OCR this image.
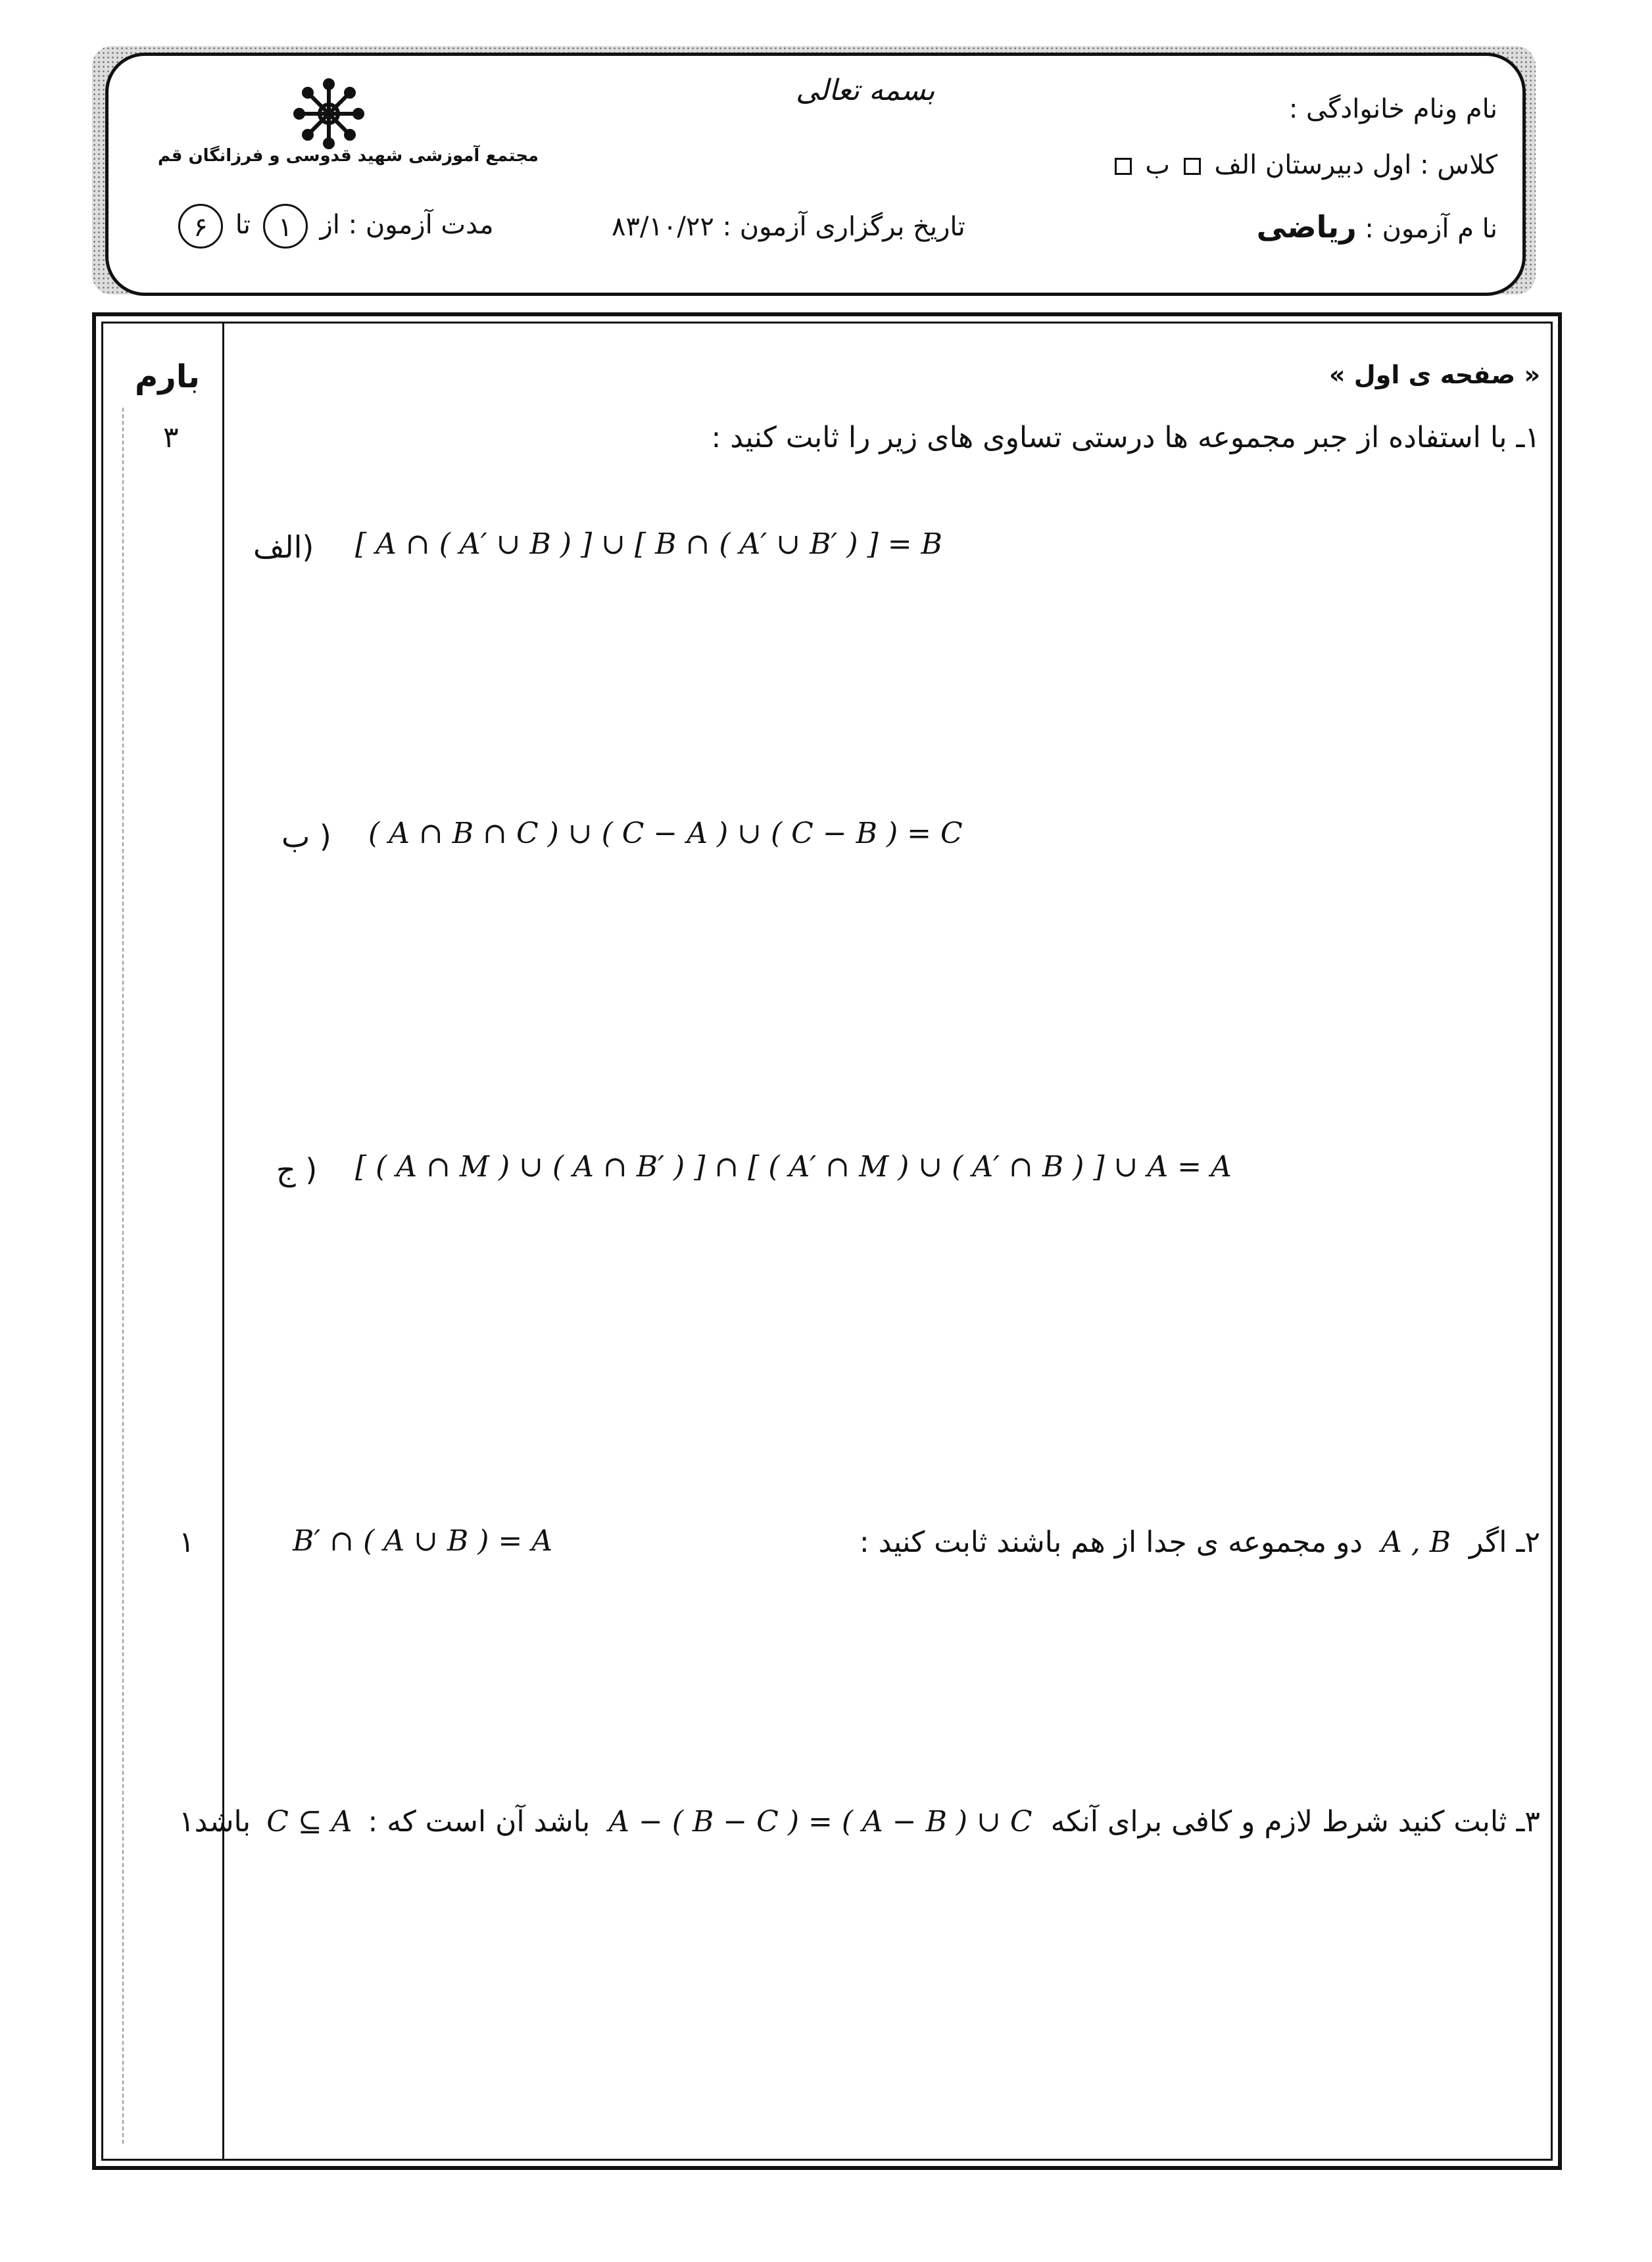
بسمه تعالی
مجتمع آموزشی شهید قدوسی و فرزانگان قم
نام ونام خانوادگی :
کلاس : اول دبیرستان الف  ب
نا م آزمون : ریاضی
تاریخ برگزاری آزمون : ۸۳/۱۰/۲۲
مدت آزمون : از ۱ تا ۶
بارم	« صفحه ی اول »
۱ـ با استفاده از جبر مجموعه ها درستی تساوی های زیر را ثابت کنید :
۳
(الف [ A ∩ ( A′ ∪ B ) ] ∪ [ B ∩ ( A′ ∪ B′ ) ] = B
( ب ( A ∩ B ∩ C ) ∪ ( C − A ) ∪ ( C − B ) = C
( ج [ ( A ∩ M ) ∪ ( A ∩ B′ ) ] ∩ [ ( A′ ∩ M ) ∪ ( A′ ∩ B ) ] ∪ A = A
۲ـ اگر A , B دو مجموعه ی جدا از هم باشند ثابت کنید :
B′ ∩ ( A ∪ B ) = A
۱
۳ـ ثابت کنید شرط لازم و کافی برای آنکه A − ( B − C ) = ( A − B ) ∪ C باشد آن است که : C ⊆ A باشد
۱
